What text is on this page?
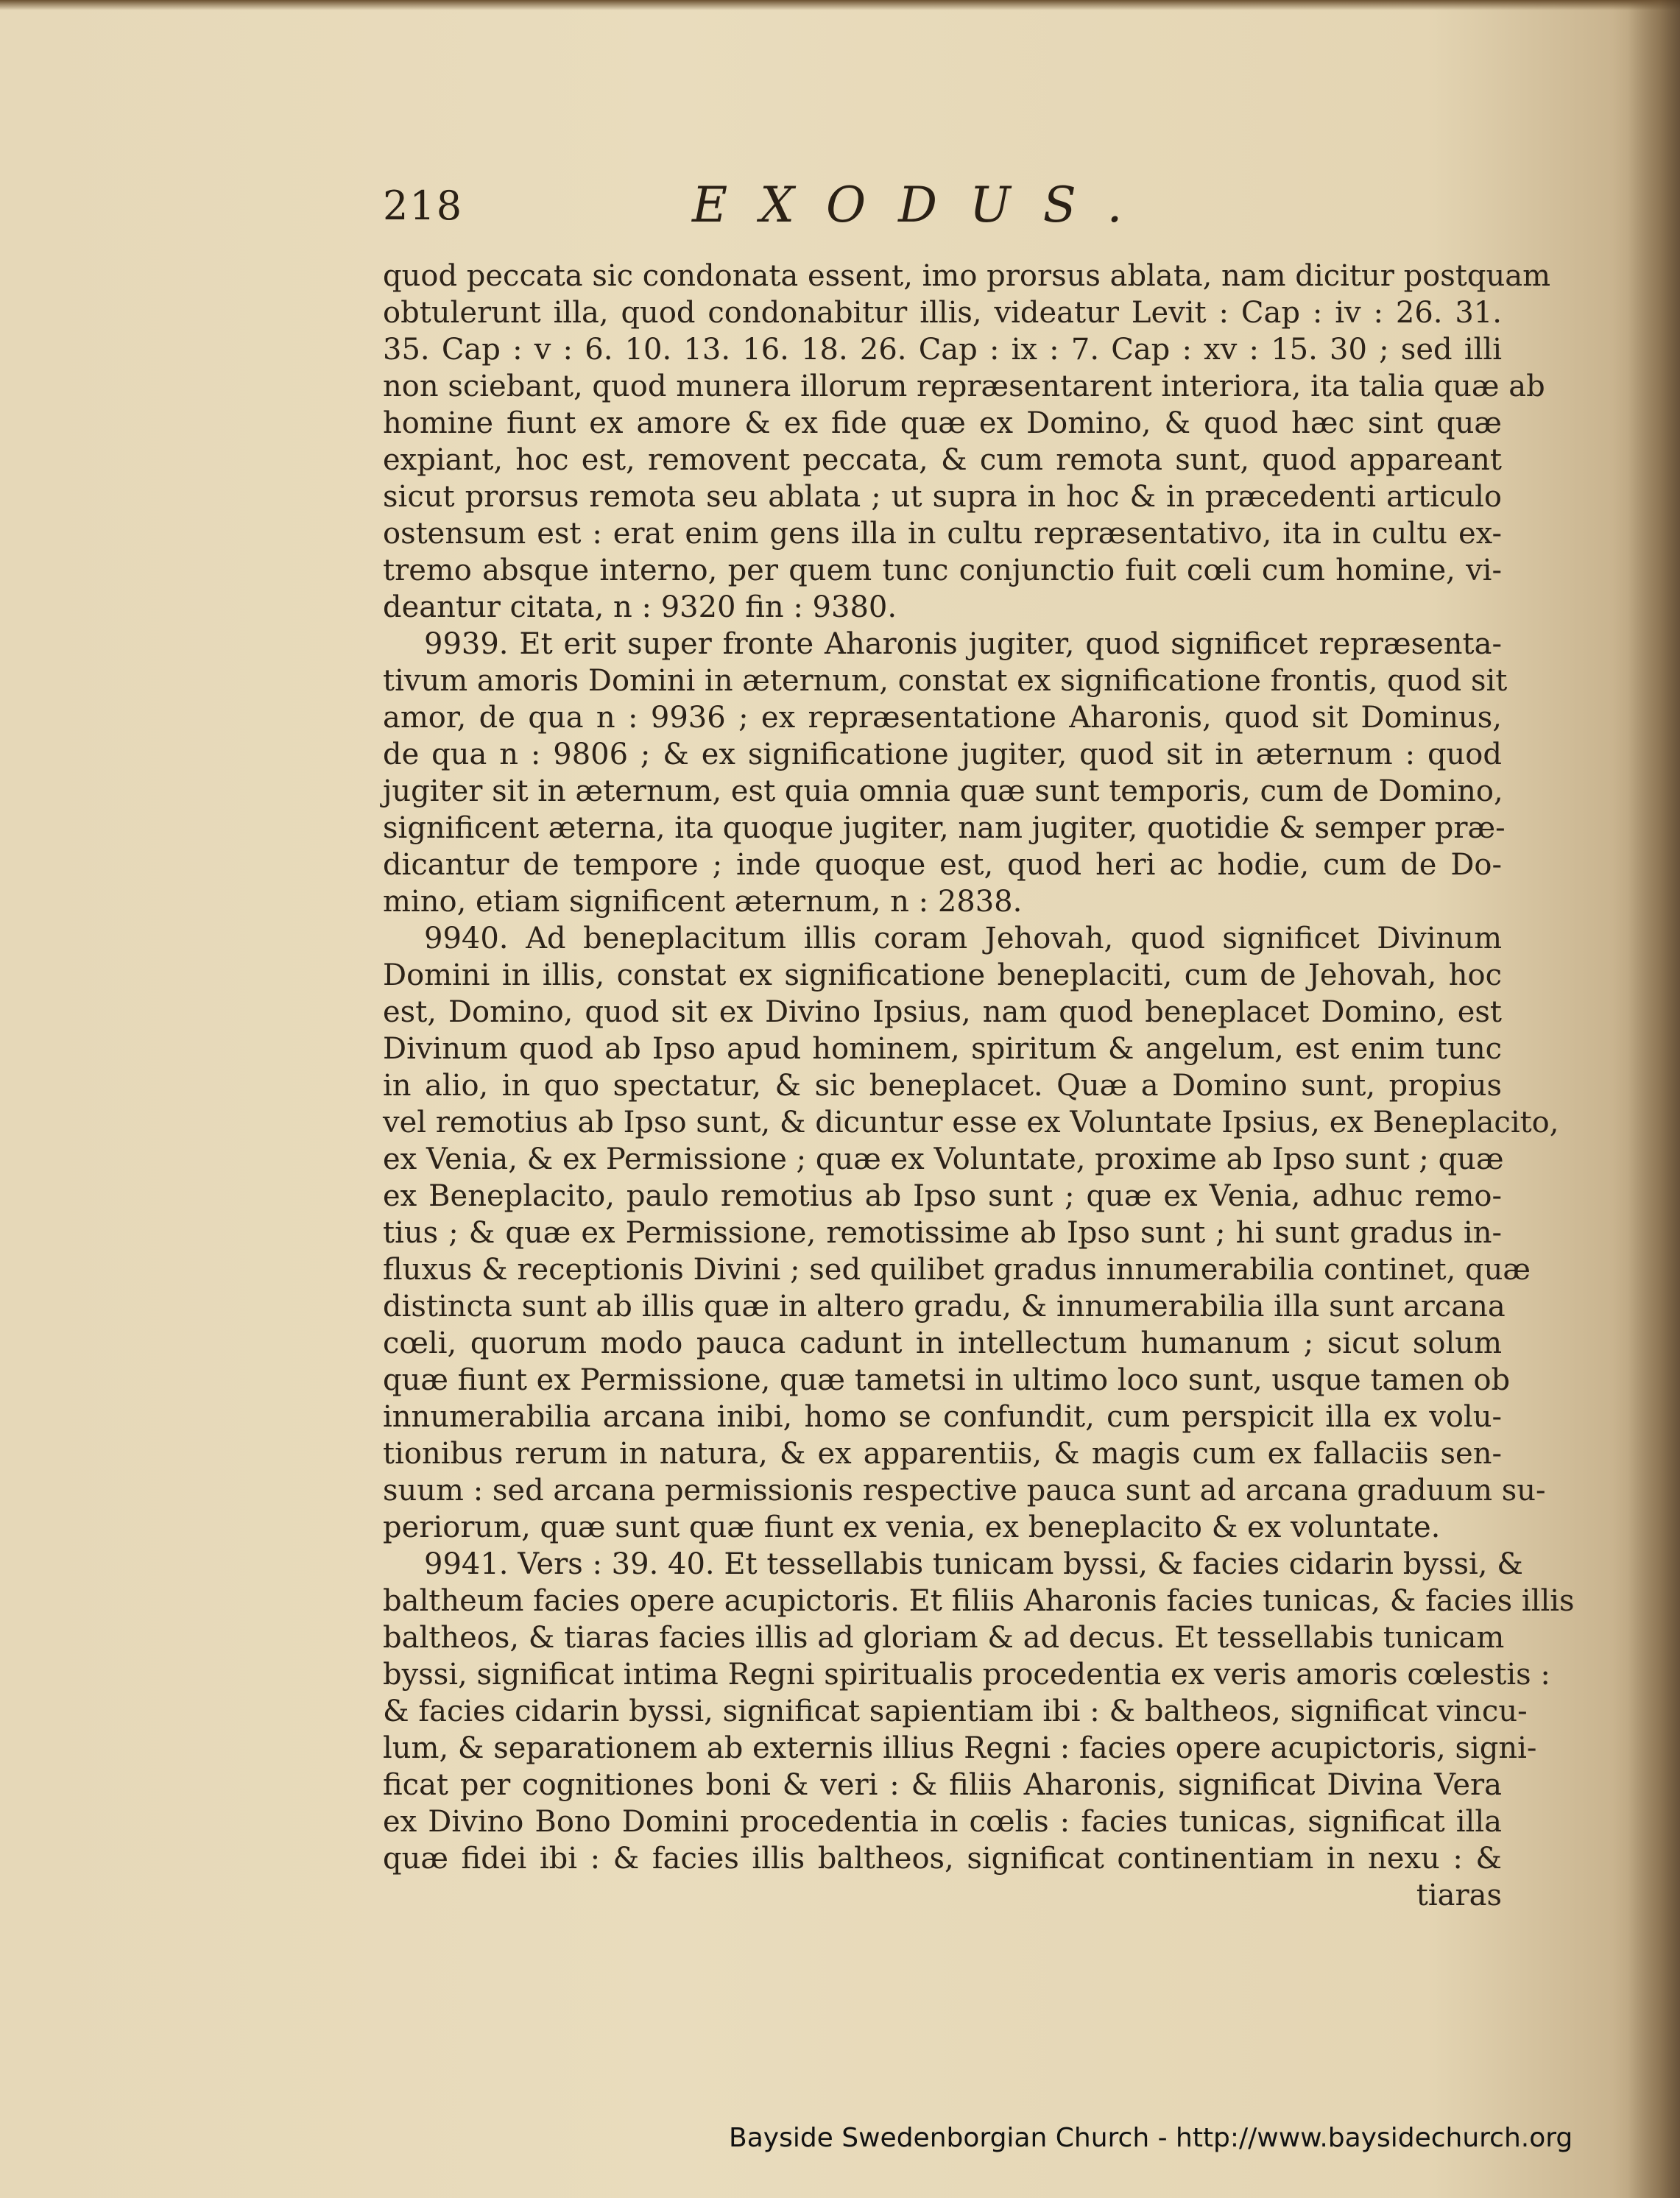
218	EXODUS.
quod peccata sic condonata essent, imo prorsus ablata, nam dicitur postquam
obtulerunt illa, quod condonabitur illis, videatur Levit : Cap : iv : 26. 31.
35. Cap : v : 6. 10. 13. 16. 18. 26. Cap : ix : 7. Cap : xv : 15. 30 ; sed illi
non sciebant, quod munera illorum repræsentarent interiora, ita talia quæ ab
homine fiunt ex amore & ex fide quæ ex Domino, & quod hæc sint quæ
expiant, hoc est, removent peccata, & cum remota sunt, quod appareant
sicut prorsus remota seu ablata ; ut supra in hoc & in præcedenti articulo
ostensum est : erat enim gens illa in cultu repræsentativo, ita in cultu ex-
tremo absque interno, per quem tunc conjunctio fuit cœli cum homine, vi-
deantur citata, n : 9320 fin : 9380.
9939. Et erit super fronte Aharonis jugiter, quod significet repræsenta-
tivum amoris Domini in æternum, constat ex significatione frontis, quod sit
amor, de qua n : 9936 ; ex repræsentatione Aharonis, quod sit Dominus,
de qua n : 9806 ; & ex significatione jugiter, quod sit in æternum : quod
jugiter sit in æternum, est quia omnia quæ sunt temporis, cum de Domino,
significent æterna, ita quoque jugiter, nam jugiter, quotidie & semper præ-
dicantur de tempore ; inde quoque est, quod heri ac hodie, cum de Do-
mino, etiam significent æternum, n : 2838.
9940. Ad beneplacitum illis coram Jehovah, quod significet Divinum
Domini in illis, constat ex significatione beneplaciti, cum de Jehovah, hoc
est, Domino, quod sit ex Divino Ipsius, nam quod beneplacet Domino, est
Divinum quod ab Ipso apud hominem, spiritum & angelum, est enim tunc
in alio, in quo spectatur, & sic beneplacet. Quæ a Domino sunt, propius
vel remotius ab Ipso sunt, & dicuntur esse ex Voluntate Ipsius, ex Beneplacito,
ex Venia, & ex Permissione ; quæ ex Voluntate, proxime ab Ipso sunt ; quæ
ex Beneplacito, paulo remotius ab Ipso sunt ; quæ ex Venia, adhuc remo-
tius ; & quæ ex Permissione, remotissime ab Ipso sunt ; hi sunt gradus in-
fluxus & receptionis Divini ; sed quilibet gradus innumerabilia continet, quæ
distincta sunt ab illis quæ in altero gradu, & innumerabilia illa sunt arcana
cœli, quorum modo pauca cadunt in intellectum humanum ; sicut solum
quæ fiunt ex Permissione, quæ tametsi in ultimo loco sunt, usque tamen ob
innumerabilia arcana inibi, homo se confundit, cum perspicit illa ex volu-
tionibus rerum in natura, & ex apparentiis, & magis cum ex fallaciis sen-
suum : sed arcana permissionis respective pauca sunt ad arcana graduum su-
periorum, quæ sunt quæ fiunt ex venia, ex beneplacito & ex voluntate.
9941. Vers : 39. 40. Et tessellabis tunicam byssi, & facies cidarin byssi, &
baltheum facies opere acupictoris. Et filiis Aharonis facies tunicas, & facies illis
baltheos, & tiaras facies illis ad gloriam & ad decus. Et tessellabis tunicam
byssi, significat intima Regni spiritualis procedentia ex veris amoris cœlestis :
& facies cidarin byssi, significat sapientiam ibi : & baltheos, significat vincu-
lum, & separationem ab externis illius Regni : facies opere acupictoris, signi-
ficat per cognitiones boni & veri : & filiis Aharonis, significat Divina Vera
ex Divino Bono Domini procedentia in cœlis : facies tunicas, significat illa
quæ fidei ibi : & facies illis baltheos, significat continentiam in nexu : &
tiaras
Bayside Swedenborgian Church - http://www.baysidechurch.org
